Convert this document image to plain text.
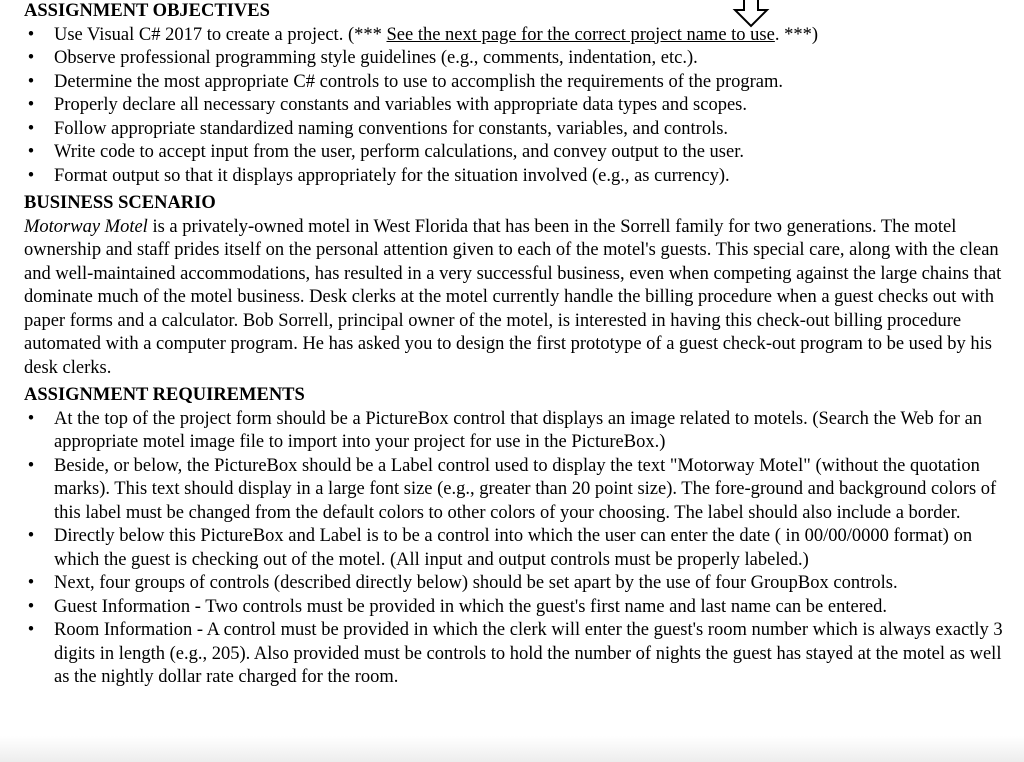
ASSIGNMENT OBJECTIVES
• Use Visual C# 2017 to create a project. (*** See the next page for the correct project name to use. ***)
• Observe professional programming style guidelines (e.g., comments, indentation, etc.).
• Determine the most appropriate C# controls to use to accomplish the requirements of the program.
• Properly declare all necessary constants and variables with appropriate data types and scopes.
• Follow appropriate standardized naming conventions for constants, variables, and controls.
• Write code to accept input from the user, perform calculations, and convey output to the user.
• Format output so that it displays appropriately for the situation involved (e.g., as currency).
BUSINESS SCENARIO

Motorway Motel is a privately-owned motel in West Florida that has been in the Sorrell family for two generations. The motel ownership and staff prides itself on the personal attention given to each of the motel's guests. This special care, along with the clean and well-maintained accommodations, has resulted in a very successful business, even when competing against the large chains that dominate much of the motel business. Desk clerks at the motel currently handle the billing procedure when a guest checks out with paper forms and a calculator. Bob Sorrell, principal owner of the motel, is interested in having this check-out billing procedure automated with a computer program. He has asked you to design the first prototype of a guest check-out program to be used by his desk clerks.

ASSIGNMENT REQUIREMENTS
• At the top of the project form should be a PictureBox control that displays an image related to motels. (Search the Web for an appropriate motel image file to import into your project for use in the PictureBox.)
• Beside, or below, the PictureBox should be a Label control used to display the text "Motorway Motel" (without the quotation marks). This text should display in a large font size (e.g., greater than 20 point size). The fore-ground and background colors of this label must be changed from the default colors to other colors of your choosing. The label should also include a border.
• Directly below this PictureBox and Label is to be a control into which the user can enter the date ( in 00/00/0000 format) on which the guest is checking out of the motel. (All input and output controls must be properly labeled.)
• Next, four groups of controls (described directly below) should be set apart by the use of four GroupBox controls.
• Guest Information - Two controls must be provided in which the guest's first name and last name can be entered.
• Room Information - A control must be provided in which the clerk will enter the guest's room number which is always exactly 3 digits in length (e.g., 205). Also provided must be controls to hold the number of nights the guest has stayed at the motel as well as the nightly dollar rate charged for the room.
